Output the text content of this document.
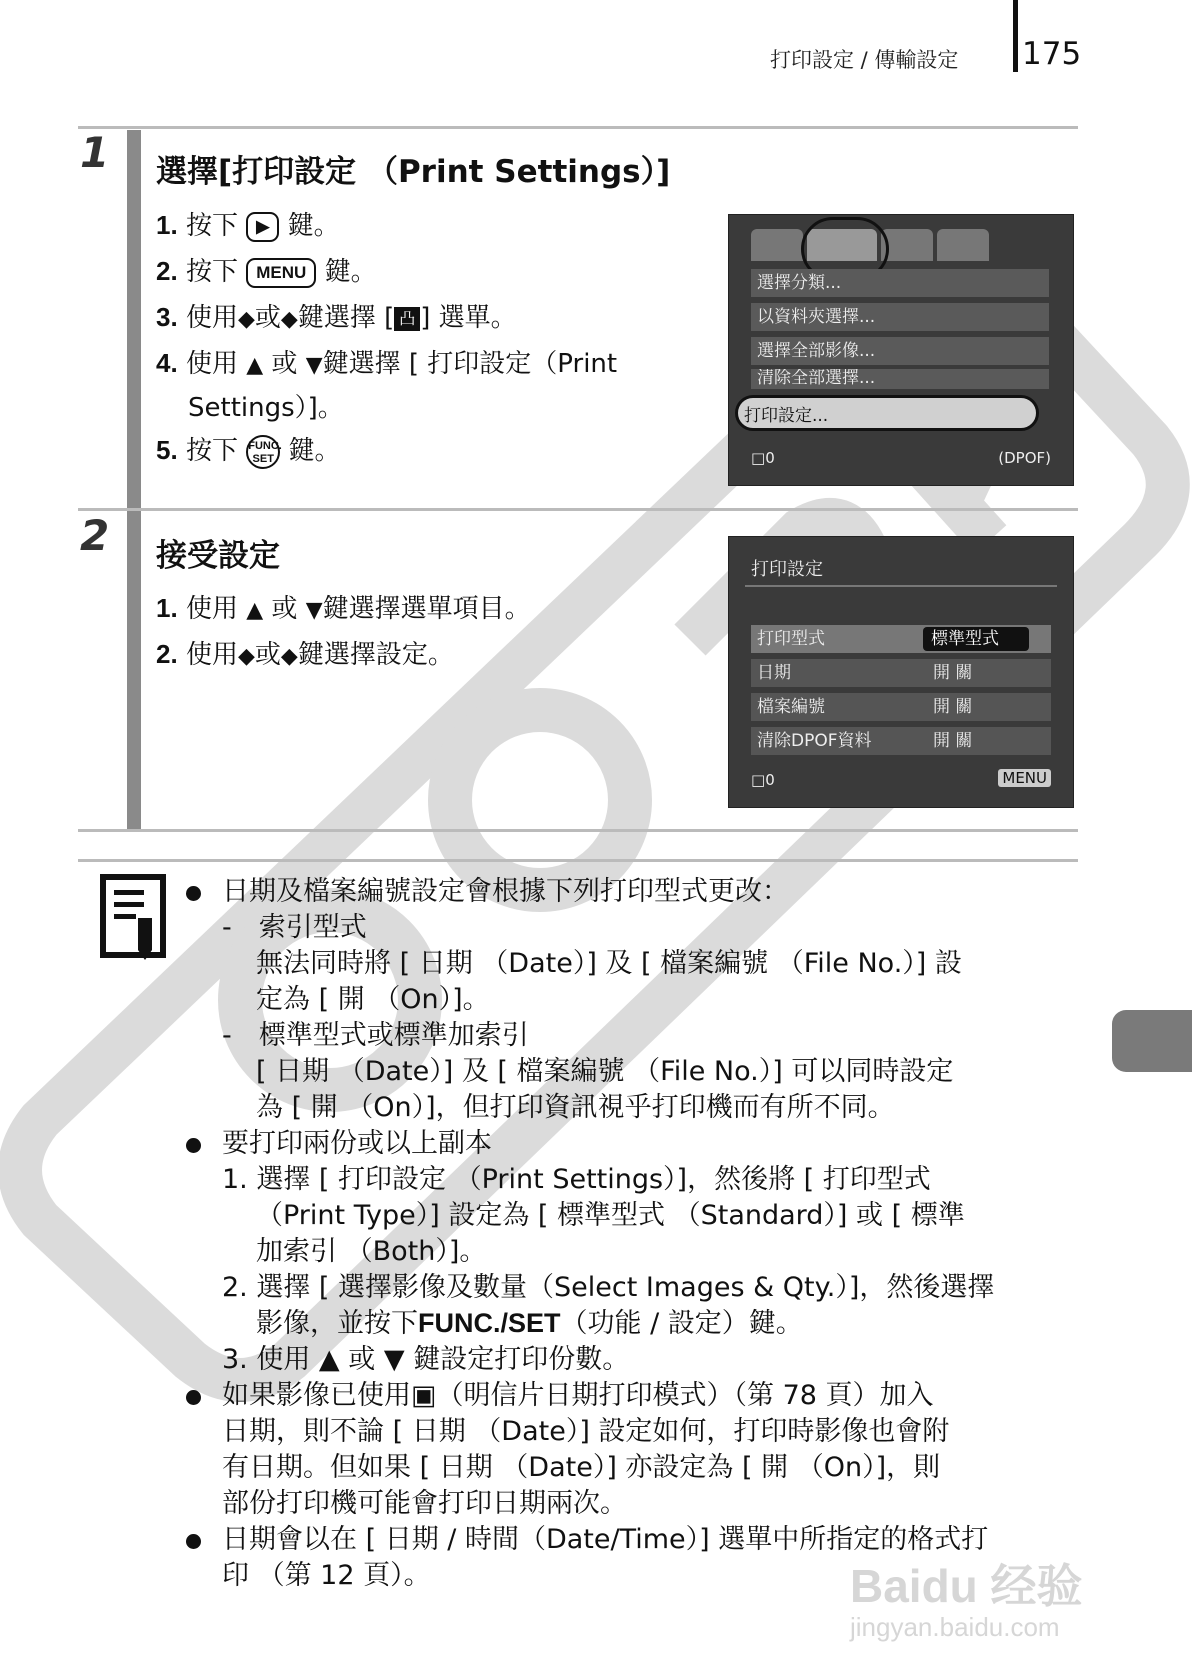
打印設定 / 傳輸設定 175
1 選擇[打印設定 （Print Settings）]
1. 按下 ▶ 鍵。
2. 按下 MENU 鍵。
3. 使用◆或◆鍵選擇 [ 凸 ] 選單。
4. 使用 ▲ 或 ▼鍵選擇 [ 打印設定（Print
Settings）]。
5. 按下 FUNC.
SET 鍵。
選擇分類...
以資料夾選擇...
選擇全部影像...
清除全部選擇...
打印設定...
□0	(DPOF)
2 接受設定
1. 使用 ▲ 或 ▼鍵選擇選單項目。
2. 使用◆或◆鍵選擇設定。
打印設定
打印型式	標準型式
日期	開 關
檔案編號	開 關
清除DPOF資料	開 關
□0	MENU
日期及檔案編號設定會根據下列打印型式更改：
-　索引型式
無法同時將 [ 日期 （Date）] 及 [ 檔案編號 （File No.）] 設
定為 [ 開 （On）]。
-　標準型式或標準加索引
[ 日期 （Date）] 及 [ 檔案編號 （File No.）] 可以同時設定
為 [ 開 （On）]，但打印資訊視乎打印機而有所不同。
要打印兩份或以上副本
1. 選擇 [ 打印設定 （Print Settings）]，然後將 [ 打印型式
（Print Type）] 設定為 [ 標準型式 （Standard）] 或 [ 標準
加索引 （Both）]。
2. 選擇 [ 選擇影像及數量（Select Images & Qty.）]，然後選擇
影像，並按下FUNC./SET（功能 / 設定）鍵。
3. 使用 ▲ 或 ▼ 鍵設定打印份數。
如果影像已使用▣（明信片日期打印模式）（第 78 頁）加入
日期，則不論 [ 日期 （Date）] 設定如何，打印時影像也會附
有日期。但如果 [ 日期 （Date）] 亦設定為 [ 開 （On）]，則
部份打印機可能會打印日期兩次。
日期會以在 [ 日期 / 時間（Date/Time）] 選單中所指定的格式打
印 （第 12 頁）。	Baidu 经验
jingyan.baidu.com
